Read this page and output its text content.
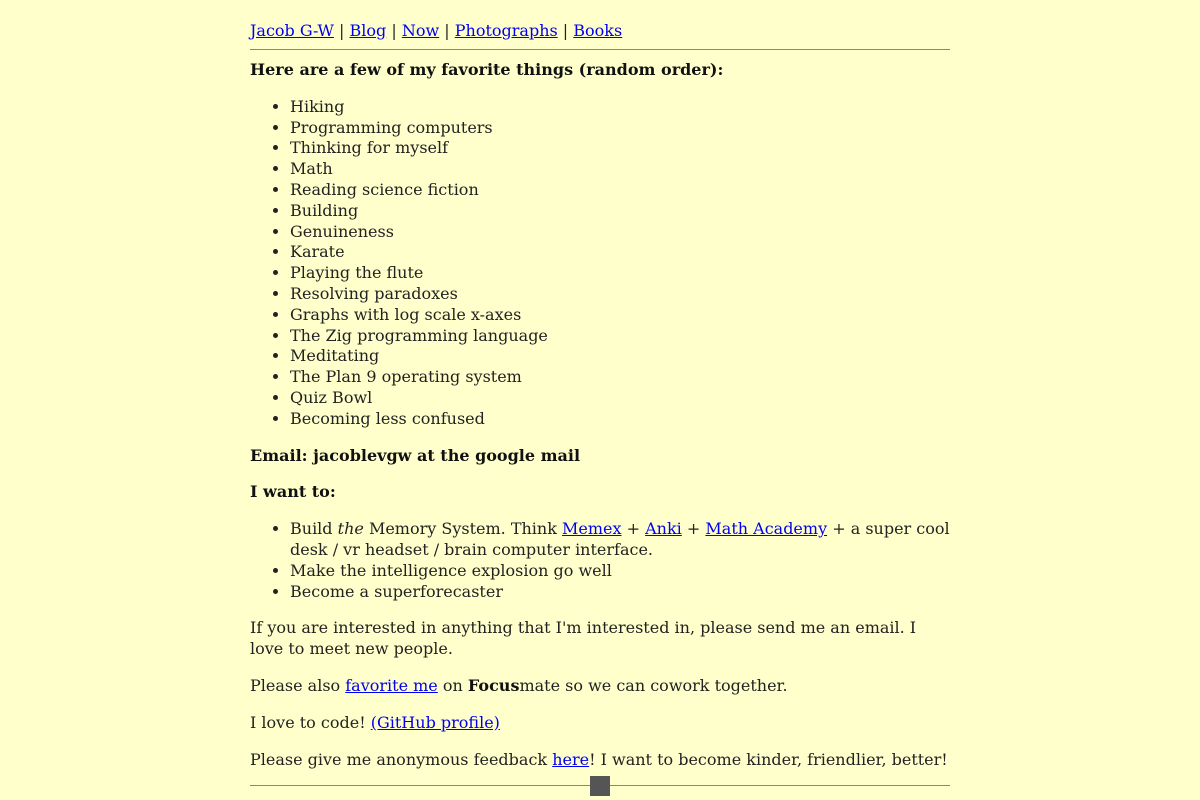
Jacob G-W | Blog | Now | Photographs | Books

Here are a few of my favorite things (random order):

• Hiking
• Programming computers
• Thinking for myself
• Math
• Reading science fiction
• Building
• Genuineness
• Karate
• Playing the flute
• Resolving paradoxes
• Graphs with log scale x-axes
• The Zig programming language
• Meditating
• The Plan 9 operating system
• Quiz Bowl
• Becoming less confused

Email: jacoblevgw at the google mail

I want to:

• Build the Memory System. Think Memex + Anki + Math Academy + a super cool desk / vr headset / brain computer interface.
• Make the intelligence explosion go well
• Become a superforecaster

If you are interested in anything that I'm interested in, please send me an email. I love to meet new people.

Please also favorite me on Focusmate so we can cowork together.

I love to code! (GitHub profile)

Please give me anonymous feedback here! I want to become kinder, friendlier, better!
